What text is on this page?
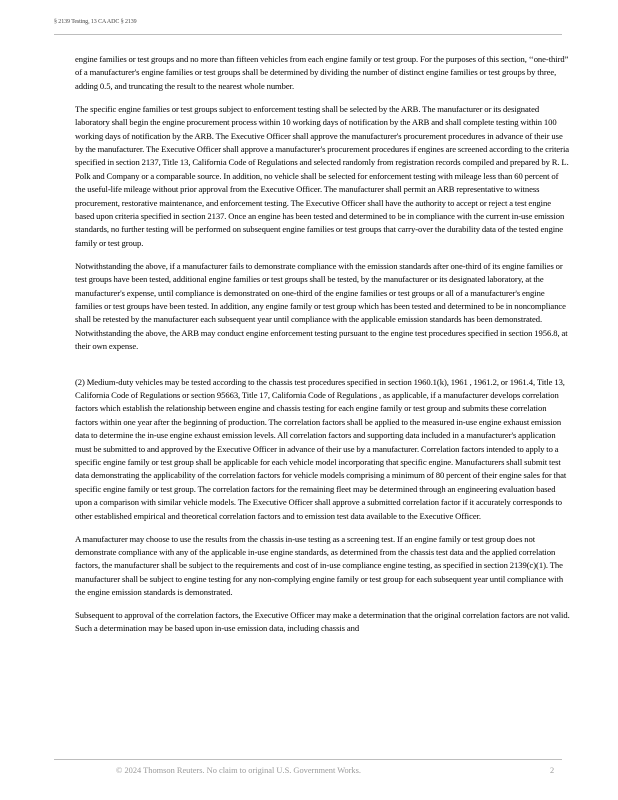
§ 2139 Testing, 13 CA ADC § 2139

engine families or test groups and no more than fifteen vehicles from each engine family or test group. For the purposes of this section, ‘‘one-third” of a manufacturer's engine families or test groups shall be determined by dividing the number of distinct engine families or test groups by three, adding 0.5, and truncating the result to the nearest whole number.

The specific engine families or test groups subject to enforcement testing shall be selected by the ARB. The manufacturer or its designated laboratory shall begin the engine procurement process within 10 working days of notification by the ARB and shall complete testing within 100 working days of notification by the ARB. The Executive Officer shall approve the manufacturer's procurement procedures in advance of their use by the manufacturer. The Executive Officer shall approve a manufacturer's procurement procedures if engines are screened according to the criteria specified in section 2137, Title 13, California Code of Regulations and selected randomly from registration records compiled and prepared by R. L. Polk and Company or a comparable source. In addition, no vehicle shall be selected for enforcement testing with mileage less than 60 percent of the useful-life mileage without prior approval from the Executive Officer. The manufacturer shall permit an ARB representative to witness procurement, restorative maintenance, and enforcement testing. The Executive Officer shall have the authority to accept or reject a test engine based upon criteria specified in section 2137. Once an engine has been tested and determined to be in compliance with the current in-use emission standards, no further testing will be performed on subsequent engine families or test groups that carry-over the durability data of the tested engine family or test group.

Notwithstanding the above, if a manufacturer fails to demonstrate compliance with the emission standards after one-third of its engine families or test groups have been tested, additional engine families or test groups shall be tested, by the manufacturer or its designated laboratory, at the manufacturer's expense, until compliance is demonstrated on one-third of the engine families or test groups or all of a manufacturer's engine families or test groups have been tested. In addition, any engine family or test group which has been tested and determined to be in noncompliance shall be retested by the manufacturer each subsequent year until compliance with the applicable emission standards has been demonstrated. Notwithstanding the above, the ARB may conduct engine enforcement testing pursuant to the engine test procedures specified in section 1956.8, at their own expense.

(2) Medium-duty vehicles may be tested according to the chassis test procedures specified in section 1960.1(k), 1961 , 1961.2, or 1961.4, Title 13, California Code of Regulations or section 95663, Title 17, California Code of Regulations , as applicable, if a manufacturer develops correlation factors which establish the relationship between engine and chassis testing for each engine family or test group and submits these correlation factors within one year after the beginning of production. The correlation factors shall be applied to the measured in-use engine exhaust emission data to determine the in-use engine exhaust emission levels. All correlation factors and supporting data included in a manufacturer's application must be submitted to and approved by the Executive Officer in advance of their use by a manufacturer. Correlation factors intended to apply to a specific engine family or test group shall be applicable for each vehicle model incorporating that specific engine. Manufacturers shall submit test data demonstrating the applicability of the correlation factors for vehicle models comprising a minimum of 80 percent of their engine sales for that specific engine family or test group. The correlation factors for the remaining fleet may be determined through an engineering evaluation based upon a comparison with similar vehicle models. The Executive Officer shall approve a submitted correlation factor if it accurately corresponds to other established empirical and theoretical correlation factors and to emission test data available to the Executive Officer.

A manufacturer may choose to use the results from the chassis in-use testing as a screening test. If an engine family or test group does not demonstrate compliance with any of the applicable in-use engine standards, as determined from the chassis test data and the applied correlation factors, the manufacturer shall be subject to the requirements and cost of in-use compliance engine testing, as specified in section 2139(c)(1). The manufacturer shall be subject to engine testing for any non-complying engine family or test group for each subsequent year until compliance with the engine emission standards is demonstrated.

Subsequent to approval of the correlation factors, the Executive Officer may make a determination that the original correlation factors are not valid. Such a determination may be based upon in-use emission data, including chassis and

© 2024 Thomson Reuters. No claim to original U.S. Government Works.	2
